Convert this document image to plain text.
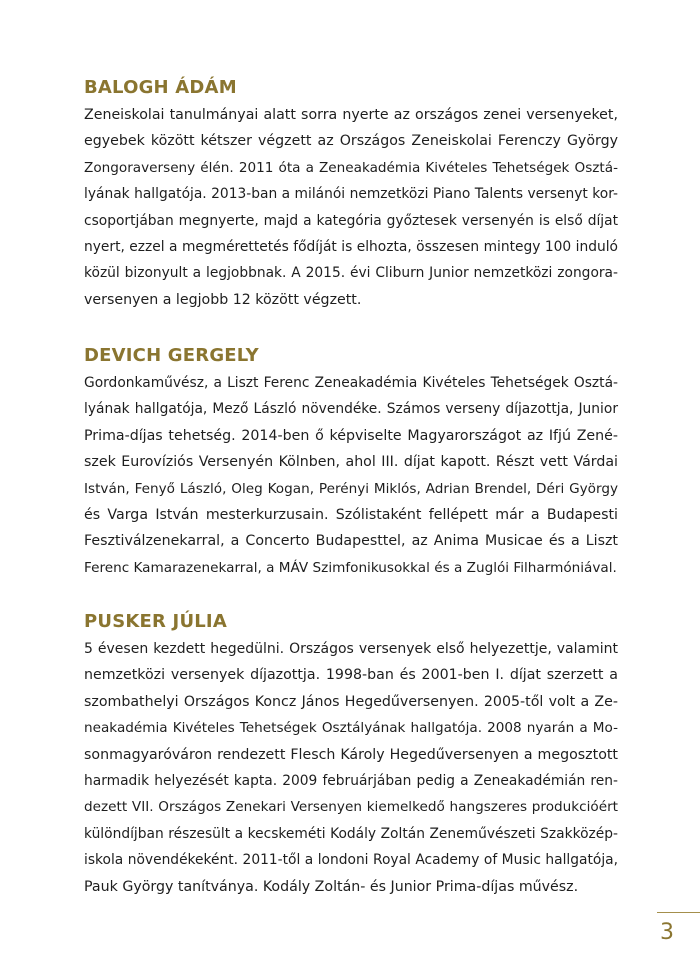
BALOGH ÁDÁM
Zeneiskolai tanulmányai alatt sorra nyerte az országos zenei versenyeket,
egyebek között kétszer végzett az Országos Zeneiskolai Ferenczy György
Zongoraverseny élén. 2011 óta a Zeneakadémia Kivételes Tehetségek Osztá-
lyának hallgatója. 2013-ban a milánói nemzetközi Piano Talents versenyt kor-
csoportjában megnyerte, majd a kategória győztesek versenyén is első díjat
nyert, ezzel a megmérettetés fődíját is elhozta, összesen mintegy 100 induló
közül bizonyult a legjobbnak. A 2015. évi Cliburn Junior nemzetközi zongora-
versenyen a legjobb 12 között végzett.
DEVICH GERGELY
Gordonkaművész, a Liszt Ferenc Zeneakadémia Kivételes Tehetségek Osztá-
lyának hallgatója, Mező László növendéke. Számos verseny díjazottja, Junior
Prima-díjas tehetség. 2014-ben ő képviselte Magyarországot az Ifjú Zené-
szek Eurovíziós Versenyén Kölnben, ahol III. díjat kapott. Részt vett Várdai
István, Fenyő László, Oleg Kogan, Perényi Miklós, Adrian Brendel, Déri György
és Varga István mesterkurzusain. Szólistaként fellépett már a Budapesti
Fesztiválzenekarral, a Concerto Budapesttel, az Anima Musicae és a Liszt
Ferenc Kamarazenekarral, a MÁV Szimfonikusokkal és a Zuglói Filharmóniával.
PUSKER JÚLIA
5 évesen kezdett hegedülni. Országos versenyek első helyezettje, valamint
nemzetközi versenyek díjazottja. 1998-ban és 2001-ben I. díjat szerzett a
szombathelyi Országos Koncz János Hegedűversenyen. 2005-től volt a Ze-
neakadémia Kivételes Tehetségek Osztályának hallgatója. 2008 nyarán a Mo-
sonmagyaróváron rendezett Flesch Károly Hegedűversenyen a megosztott
harmadik helyezését kapta. 2009 februárjában pedig a Zeneakadémián ren-
dezett VII. Országos Zenekari Versenyen kiemelkedő hangszeres produkcióért
különdíjban részesült a kecskeméti Kodály Zoltán Zeneművészeti Szakközép-
iskola növendékeként. 2011-től a londoni Royal Academy of Music hallgatója,
Pauk György tanítványa. Kodály Zoltán- és Junior Prima-díjas művész.
3
